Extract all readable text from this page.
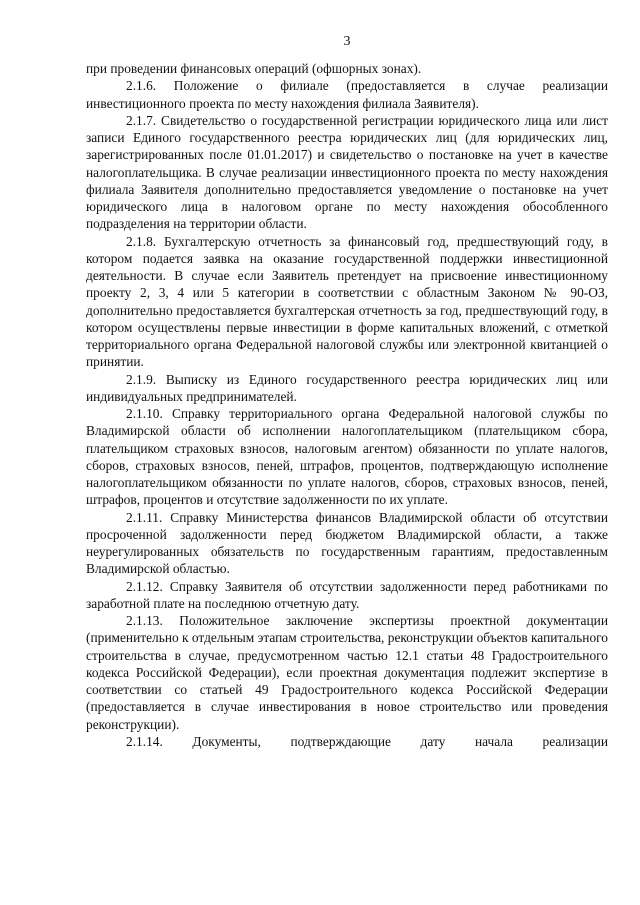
3

при проведении финансовых операций (офшорных зонах).

2.1.6. Положение о филиале (предоставляется в случае реализации инвестиционного проекта по месту нахождения филиала Заявителя).

2.1.7. Свидетельство о государственной регистрации юридического лица или лист записи Единого государственного реестра юридических лиц (для юридических лиц, зарегистрированных после 01.01.2017) и свидетельство о постановке на учет в качестве налогоплательщика. В случае реализации инвестиционного проекта по месту нахождения филиала Заявителя дополнительно предоставляется уведомление о постановке на учет юридического лица в налоговом органе по месту нахождения обособленного подразделения на территории области.

2.1.8. Бухгалтерскую отчетность за финансовый год, предшествующий году, в котором подается заявка на оказание государственной поддержки инвестиционной деятельности. В случае если Заявитель претендует на присвоение инвестиционному проекту 2, 3, 4 или 5 категории в соответствии с областным Законом № 90-ОЗ, дополнительно предоставляется бухгалтерская отчетность за год, предшествующий году, в котором осуществлены первые инвестиции в форме капитальных вложений, с отметкой территориального органа Федеральной налоговой службы или электронной квитанцией о принятии.

2.1.9. Выписку из Единого государственного реестра юридических лиц или индивидуальных предпринимателей.

2.1.10. Справку территориального органа Федеральной налоговой службы по Владимирской области об исполнении налогоплательщиком (плательщиком сбора, плательщиком страховых взносов, налоговым агентом) обязанности по уплате налогов, сборов, страховых взносов, пеней, штрафов, процентов, подтверждающую исполнение налогоплательщиком обязанности по уплате налогов, сборов, страховых взносов, пеней, штрафов, процентов и отсутствие задолженности по их уплате.

2.1.11. Справку Министерства финансов Владимирской области об отсутствии просроченной задолженности перед бюджетом Владимирской области, а также неурегулированных обязательств по государственным гарантиям, предоставленным Владимирской областью.

2.1.12. Справку Заявителя об отсутствии задолженности перед работниками по заработной плате на последнюю отчетную дату.

2.1.13. Положительное заключение экспертизы проектной документации (применительно к отдельным этапам строительства, реконструкции объектов капитального строительства в случае, предусмотренном частью 12.1 статьи 48 Градостроительного кодекса Российской Федерации), если проектная документация подлежит экспертизе в соответствии со статьей 49 Градостроительного кодекса Российской Федерации (предоставляется в случае инвестирования в новое строительство или проведения реконструкции).

2.1.14. Документы, подтверждающие дату начала реализации
